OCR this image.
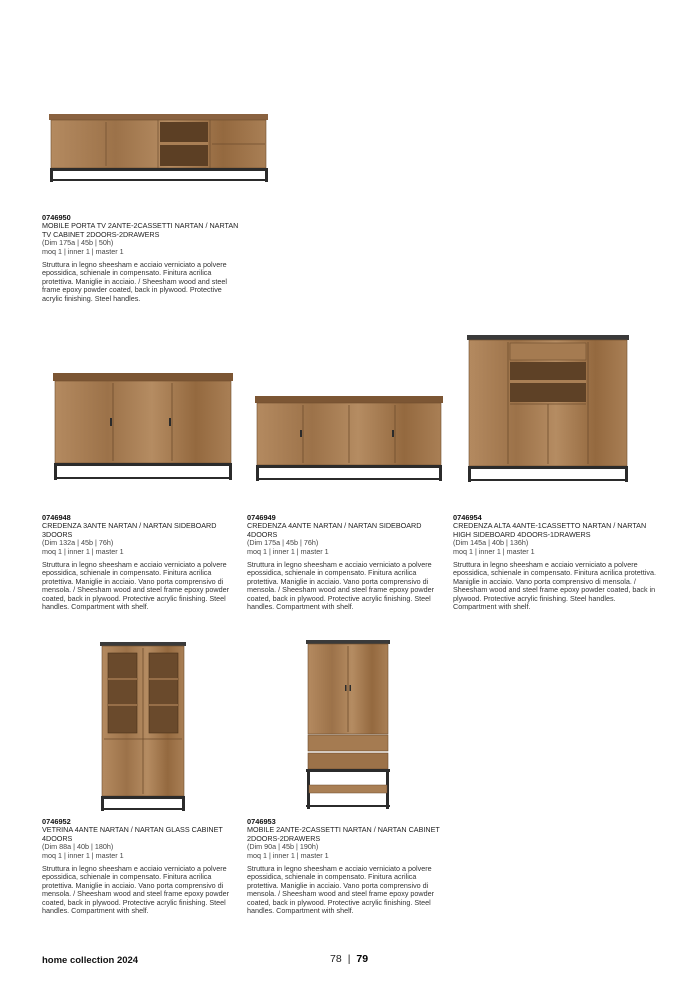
0746950
MOBILE PORTA TV 2ANTE-2CASSETTI NARTAN / NARTAN TV CABINET 2DOORS-2DRAWERS
(Dim 175a | 45b | 50h)
moq 1 | inner 1 | master 1
Struttura in legno sheesham e acciaio verniciato a polvere epossidica, schienale in compensato. Finitura acrilica protettiva. Maniglie in acciaio. / Sheesham wood and steel frame epoxy powder coated, back in plywood. Protective acrylic finishing. Steel handles.
0746948
CREDENZA 3ANTE NARTAN / NARTAN SIDEBOARD 3DOORS
(Dim 132a | 45b | 76h)
moq 1 | inner 1 | master 1
Struttura in legno sheesham e acciaio verniciato a polvere epossidica, schienale in compensato. Finitura acrilica protettiva. Maniglie in acciaio. Vano porta comprensivo di mensola. / Sheesham wood and steel frame epoxy powder coated, back in plywood. Protective acrylic finishing. Steel handles. Compartment with shelf.
0746949
CREDENZA 4ANTE NARTAN / NARTAN SIDEBOARD 4DOORS
(Dim 175a | 45b | 76h)
moq 1 | inner 1 | master 1
Struttura in legno sheesham e acciaio verniciato a polvere epossidica, schienale in compensato. Finitura acrilica protettiva. Maniglie in acciaio. Vano porta comprensivo di mensola. / Sheesham wood and steel frame epoxy powder coated, back in plywood. Protective acrylic finishing. Steel handles. Compartment with shelf.
0746954
CREDENZA ALTA 4ANTE-1CASSETTO NARTAN / NARTAN HIGH SIDEBOARD 4DOORS-1DRAWERS
(Dim 145a | 40b | 136h)
moq 1 | inner 1 | master 1
Struttura in legno sheesham e acciaio verniciato a polvere epossidica, schienale in compensato. Finitura acrilica protettiva. Maniglie in acciaio. Vano porta comprensivo di mensola. / Sheesham wood and steel frame epoxy powder coated, back in plywood. Protective acrylic finishing. Steel handles. Compartment with shelf.
0746952
VETRINA 4ANTE NARTAN / NARTAN GLASS CABINET 4DOORS
(Dim 88a | 40b | 180h)
moq 1 | inner 1 | master 1
Struttura in legno sheesham e acciaio verniciato a polvere epossidica, schienale in compensato. Finitura acrilica protettiva. Maniglie in acciaio. Vano porta comprensivo di mensola. / Sheesham wood and steel frame epoxy powder coated, back in plywood. Protective acrylic finishing. Steel handles. Compartment with shelf.
0746953
MOBILE 2ANTE-2CASSETTI NARTAN / NARTAN CABINET 2DOORS-2DRAWERS
(Dim 90a | 45b | 190h)
moq 1 | inner 1 | master 1
Struttura in legno sheesham e acciaio verniciato a polvere epossidica, schienale in compensato. Finitura acrilica protettiva. Maniglie in acciaio. Vano porta comprensivo di mensola. / Sheesham wood and steel frame epoxy powder coated, back in plywood. Protective acrylic finishing. Steel handles. Compartment with shelf.
home collection 2024	78 | 79
